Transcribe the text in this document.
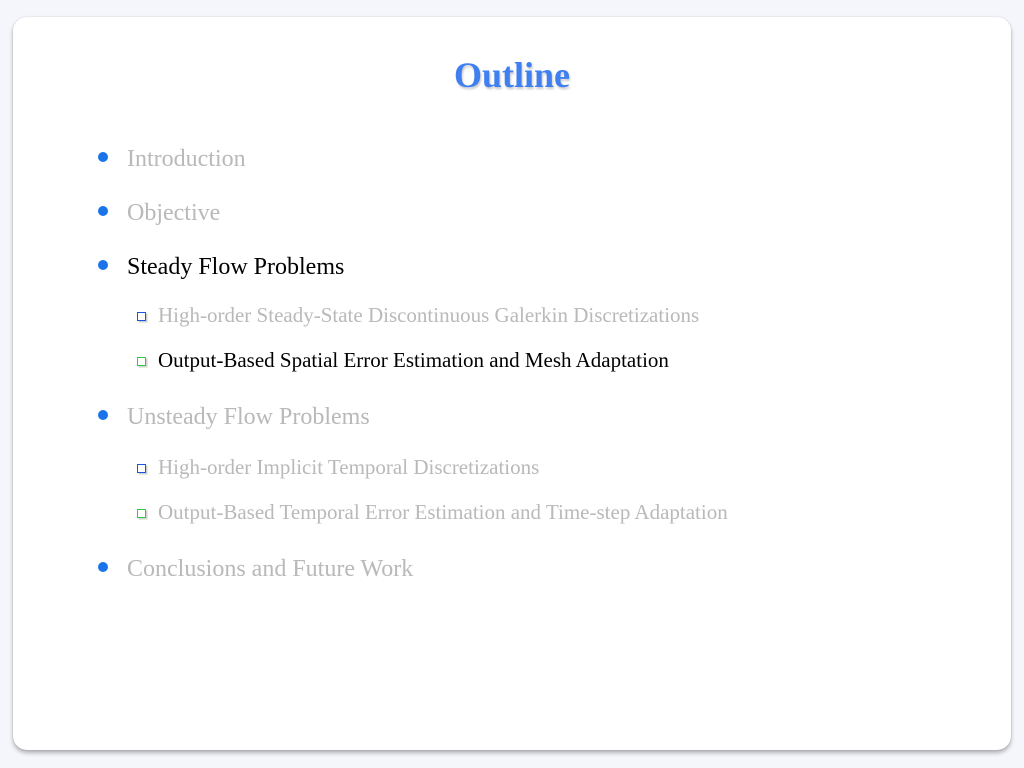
Outline
Introduction
Objective
Steady Flow Problems
High-order Steady-State Discontinuous Galerkin Discretizations
Output-Based Spatial Error Estimation and Mesh Adaptation
Unsteady Flow Problems
High-order Implicit Temporal Discretizations
Output-Based Temporal Error Estimation and Time-step Adaptation
Conclusions and Future Work
